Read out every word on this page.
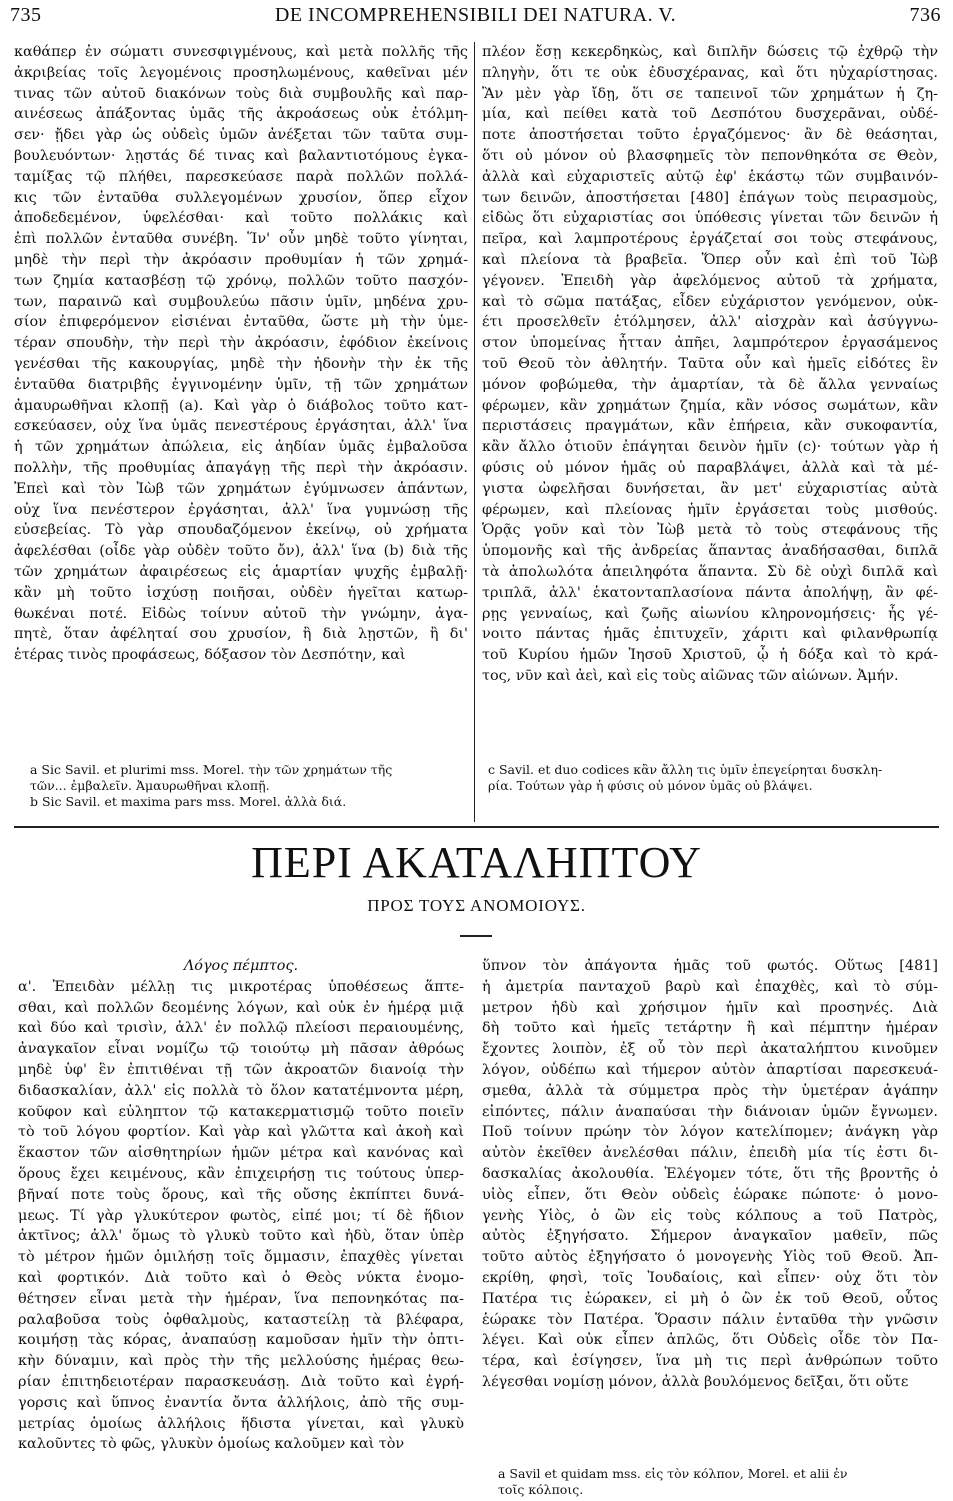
735	DE INCOMPREHENSIBILI DEI NATURA. V.	736
καθάπερ ἐν σώματι συνεσφιγμένους, καὶ μετὰ πολλῆς τῆς
ἀκριβείας τοῖς λεγομένοις προσηλωμένους, καθεῖναι μέν
τινας τῶν αὐτοῦ διακόνων τοὺς διὰ συμβουλῆς καὶ παρ-
αινέσεως ἀπάξοντας ὑμᾶς τῆς ἀκροάσεως οὐκ ἐτόλμη-
σεν· ᾔδει γὰρ ὡς οὐδεὶς ὑμῶν ἀνέξεται τῶν ταῦτα συμ-
βουλευόντων· λῃστάς δέ τινας καὶ βαλαντιοτόμους ἐγκα-
ταμίξας τῷ πλήθει, παρεσκεύασε παρὰ πολλῶν πολλά-
κις τῶν ἐνταῦθα συλλεγομένων χρυσίον, ὅπερ εἶχον
ἀποδεδεμένον, ὑφελέσθαι· καὶ τοῦτο πολλάκις καὶ
ἐπὶ πολλῶν ἐνταῦθα συνέβη. Ἵν' οὖν μηδὲ τοῦτο γίνηται,
μηδὲ τὴν περὶ τὴν ἀκρόασιν προθυμίαν ἡ τῶν χρημά-
των ζημία κατασβέσῃ τῷ χρόνῳ, πολλῶν τοῦτο πασχόν-
των, παραινῶ καὶ συμβουλεύω πᾶσιν ὑμῖν, μηδένα χρυ-
σίον ἐπιφερόμενον εἰσιέναι ἐνταῦθα, ὥστε μὴ τὴν ὑμε-
τέραν σπουδὴν, τὴν περὶ τὴν ἀκρόασιν, ἐφόδιον ἐκείνοις
γενέσθαι τῆς κακουργίας, μηδὲ τὴν ἡδονὴν τὴν ἐκ τῆς
ἐνταῦθα διατριβῆς ἐγγινομένην ὑμῖν, τῇ τῶν χρημάτων
ἀμαυρωθῆναι κλοπῇ (a). Καὶ γὰρ ὁ διάβολος τοῦτο κατ-
εσκεύασεν, οὐχ ἵνα ὑμᾶς πενεστέρους ἐργάσηται, ἀλλ' ἵνα
ἡ τῶν χρημάτων ἀπώλεια, εἰς ἀηδίαν ὑμᾶς ἐμβαλοῦσα
πολλὴν, τῆς προθυμίας ἀπαγάγῃ τῆς περὶ τὴν ἀκρόασιν.
Ἐπεὶ καὶ τὸν Ἰὼβ τῶν χρημάτων ἐγύμνωσεν ἁπάντων,
οὐχ ἵνα πενέστερον ἐργάσηται, ἀλλ' ἵνα γυμνώσῃ τῆς
εὐσεβείας. Τὸ γὰρ σπουδαζόμενον ἐκείνῳ, οὐ χρήματα
ἀφελέσθαι (οἶδε γὰρ οὐδὲν τοῦτο ὄν), ἀλλ' ἵνα (b) διὰ τῆς
τῶν χρημάτων ἀφαιρέσεως εἰς ἁμαρτίαν ψυχῆς ἐμβαλῇ·
κἂν μὴ τοῦτο ἰσχύσῃ ποιῆσαι, οὐδὲν ἡγεῖται κατωρ-
θωκέναι ποτέ. Εἰδὼς τοίνυν αὐτοῦ τὴν γνώμην, ἀγα-
πητὲ, ὅταν ἀφέληταί σου χρυσίον, ἢ διὰ λῃστῶν, ἢ δι'
ἑτέρας τινὸς προφάσεως, δόξασον τὸν Δεσπότην, καὶ
πλέον ἔσῃ κεκερδηκὼς, καὶ διπλῆν δώσεις τῷ ἐχθρῷ τὴν
πληγὴν, ὅτι τε οὐκ ἐδυσχέρανας, καὶ ὅτι ηὐχαρίστησας.
Ἂν μὲν γὰρ ἴδῃ, ὅτι σε ταπεινοῖ τῶν χρημάτων ἡ ζη-
μία, καὶ πείθει κατὰ τοῦ Δεσπότου δυσχερᾶναι, οὐδέ-
ποτε ἀποστήσεται τοῦτο ἐργαζόμενος· ἂν δὲ θεάσηται,
ὅτι οὐ μόνον οὐ βλασφημεῖς τὸν πεπονθηκότα σε Θεὸν,
ἀλλὰ καὶ εὐχαριστεῖς αὐτῷ ἐφ' ἑκάστῳ τῶν συμβαινόν-
των δεινῶν, ἀποστήσεται [480] ἐπάγων τοὺς πειρασμοὺς,
εἰδὼς ὅτι εὐχαριστίας σοι ὑπόθεσις γίνεται τῶν δεινῶν ἡ
πεῖρα, καὶ λαμπροτέρους ἐργάζεταί σοι τοὺς στεφάνους,
καὶ πλείονα τὰ βραβεῖα. Ὅπερ οὖν καὶ ἐπὶ τοῦ Ἰὼβ
γέγονεν. Ἐπειδὴ γὰρ ἀφελόμενος αὐτοῦ τὰ χρήματα,
καὶ τὸ σῶμα πατάξας, εἶδεν εὐχάριστον γενόμενον, οὐκ-
έτι προσελθεῖν ἐτόλμησεν, ἀλλ' αἰσχρὰν καὶ ἀσύγγνω-
στον ὑπομείνας ἧτταν ἀπῆει, λαμπρότερον ἐργασάμενος
τοῦ Θεοῦ τὸν ἀθλητήν. Ταῦτα οὖν καὶ ἡμεῖς εἰδότες ἓν
μόνον φοβώμεθα, τὴν ἁμαρτίαν, τὰ δὲ ἄλλα γενναίως
φέρωμεν, κἂν χρημάτων ζημία, κἂν νόσος σωμάτων, κἂν
περιστάσεις πραγμάτων, κἂν ἐπήρεια, κἂν συκοφαντία,
κἂν ἄλλο ὁτιοῦν ἐπάγηται δεινὸν ἡμῖν (c)· τούτων γὰρ ἡ
φύσις οὐ μόνον ἡμᾶς οὐ παραβλάψει, ἀλλὰ καὶ τὰ μέ-
γιστα ὠφελῆσαι δυνήσεται, ἂν μετ' εὐχαριστίας αὐτὰ
φέρωμεν, καὶ πλείονας ἡμῖν ἐργάσεται τοὺς μισθούς.
Ὁρᾷς γοῦν καὶ τὸν Ἰὼβ μετὰ τὸ τοὺς στεφάνους τῆς
ὑπομονῆς καὶ τῆς ἀνδρείας ἅπαντας ἀναδήσασθαι, διπλᾶ
τὰ ἀπολωλότα ἀπειληφότα ἅπαντα. Σὺ δὲ οὐχὶ διπλᾶ καὶ
τριπλᾶ, ἀλλ' ἑκατονταπλασίονα πάντα ἀπολήψῃ, ἂν φέ-
ρῃς γενναίως, καὶ ζωῆς αἰωνίου κληρονομήσεις· ἧς γέ-
νοιτο πάντας ἡμᾶς ἐπιτυχεῖν, χάριτι καὶ φιλανθρωπίᾳ
τοῦ Κυρίου ἡμῶν Ἰησοῦ Χριστοῦ, ᾧ ἡ δόξα καὶ τὸ κρά-
τος, νῦν καὶ ἀεὶ, καὶ εἰς τοὺς αἰῶνας τῶν αἰώνων. Ἀμήν.
a Sic Savil. et plurimi mss. Morel. τὴν τῶν χρημάτων τῆς
τῶν... ἐμβαλεῖν. Ἀμαυρωθῆναι κλοπῇ.
b Sic Savil. et maxima pars mss. Morel. ἀλλὰ διά.
c Savil. et duo codices κἂν ἄλλη τις ὑμῖν ἐπεγείρηται δυσκλη-
ρία. Τούτων γὰρ ἡ φύσις οὐ μόνον ὑμᾶς οὐ βλάψει.
ΠΕΡΙ ΑΚΑΤΑΛΗΠΤΟΥ
ΠΡΟΣ ΤΟΥΣ ΑΝΟΜΟΙΟΥΣ.
Λόγος πέμπτος.
α'. Ἐπειδὰν μέλλῃ τις μικροτέρας ὑποθέσεως ἅπτε-
σθαι, καὶ πολλῶν δεομένης λόγων, καὶ οὐκ ἐν ἡμέρᾳ μιᾷ
καὶ δύο καὶ τρισὶν, ἀλλ' ἐν πολλῷ πλείοσι περαιουμένης,
ἀναγκαῖον εἶναι νομίζω τῷ τοιούτῳ μὴ πᾶσαν ἀθρόως
μηδὲ ὑφ' ἓν ἐπιτιθέναι τῇ τῶν ἀκροατῶν διανοίᾳ τὴν
διδασκαλίαν, ἀλλ' εἰς πολλὰ τὸ ὅλον κατατέμνοντα μέρη,
κοῦφον καὶ εὐληπτον τῷ κατακερματισμῷ τοῦτο ποιεῖν
τὸ τοῦ λόγου φορτίον. Καὶ γὰρ καὶ γλῶττα καὶ ἀκοὴ καὶ
ἕκαστον τῶν αἰσθητηρίων ἡμῶν μέτρα καὶ κανόνας καὶ
ὅρους ἔχει κειμένους, κἂν ἐπιχειρήσῃ τις τούτους ὑπερ-
βῆναί ποτε τοὺς ὅρους, καὶ τῆς οὔσης ἐκπίπτει δυνά-
μεως. Τί γὰρ γλυκύτερον φωτὸς, εἰπέ μοι; τί δὲ ἥδιον
ἀκτῖνος; ἀλλ' ὅμως τὸ γλυκὺ τοῦτο καὶ ἡδὺ, ὅταν ὑπὲρ
τὸ μέτρον ἡμῶν ὁμιλήσῃ τοῖς ὄμμασιν, ἐπαχθὲς γίνεται
καὶ φορτικόν. Διὰ τοῦτο καὶ ὁ Θεὸς νύκτα ἐνομο-
θέτησεν εἶναι μετὰ τὴν ἡμέραν, ἵνα πεπονηκότας πα-
ραλαβοῦσα τοὺς ὀφθαλμοὺς, καταστείλῃ τὰ βλέφαρα,
κοιμήσῃ τὰς κόρας, ἀναπαύσῃ καμοῦσαν ἡμῖν τὴν ὀπτι-
κὴν δύναμιν, καὶ πρὸς τὴν τῆς μελλούσης ἡμέρας θεω-
ρίαν ἐπιτηδειοτέραν παρασκευάσῃ. Διὰ τοῦτο καὶ ἐγρή-
γορσις καὶ ὕπνος ἐναντία ὄντα ἀλλήλοις, ἀπὸ τῆς συμ-
μετρίας ὁμοίως ἀλλήλοις ἥδιστα γίνεται, καὶ γλυκὺ
καλοῦντες τὸ φῶς, γλυκὺν ὁμοίως καλοῦμεν καὶ τὸν
ὕπνον τὸν ἀπάγοντα ἡμᾶς τοῦ φωτός. Οὕτως [481]
ἡ ἀμετρία πανταχοῦ βαρὺ καὶ ἐπαχθὲς, καὶ τὸ σύμ-
μετρον ἡδὺ καὶ χρήσιμον ἡμῖν καὶ προσηνές. Διὰ
δὴ τοῦτο καὶ ἡμεῖς τετάρτην ἢ καὶ πέμπτην ἡμέραν
ἔχοντες λοιπὸν, ἐξ οὗ τὸν περὶ ἀκαταλήπτου κινοῦμεν
λόγον, οὐδέπω καὶ τήμερον αὐτὸν ἀπαρτίσαι παρεσκευά-
σμεθα, ἀλλὰ τὰ σύμμετρα πρὸς τὴν ὑμετέραν ἀγάπην
εἰπόντες, πάλιν ἀναπαύσαι τὴν διάνοιαν ὑμῶν ἔγνωμεν.
Ποῦ τοίνυν πρώην τὸν λόγον κατελίπομεν; ἀνάγκη γὰρ
αὐτὸν ἐκεῖθεν ἀνελέσθαι πάλιν, ἐπειδὴ μία τίς ἐστι δι-
δασκαλίας ἀκολουθία. Ἐλέγομεν τότε, ὅτι τῆς βροντῆς ὁ
υἱὸς εἶπεν, ὅτι Θεὸν οὐδεὶς ἑώρακε πώποτε· ὁ μονο-
γενὴς Υἱὸς, ὁ ὢν εἰς τοὺς κόλπους a τοῦ Πατρὸς,
αὐτὸς ἐξηγήσατο. Σήμερον ἀναγκαῖον μαθεῖν, πῶς
τοῦτο αὐτὸς ἐξηγήσατο ὁ μονογενὴς Υἱὸς τοῦ Θεοῦ. Ἀπ-
εκρίθη, φησὶ, τοῖς Ἰουδαίοις, καὶ εἶπεν· οὐχ ὅτι τὸν
Πατέρα τις ἑώρακεν, εἰ μὴ ὁ ὢν ἐκ τοῦ Θεοῦ, οὗτος
ἑώρακε τὸν Πατέρα. Ὅρασιν πάλιν ἐνταῦθα τὴν γνῶσιν
λέγει. Καὶ οὐκ εἶπεν ἁπλῶς, ὅτι Οὐδεὶς οἶδε τὸν Πα-
τέρα, καὶ ἐσίγησεν, ἵνα μὴ τις περὶ ἀνθρώπων τοῦτο
λέγεσθαι νομίσῃ μόνον, ἀλλὰ βουλόμενος δεῖξαι, ὅτι οὔτε
a Savil et quidam mss. εἰς τὸν κόλπον, Morel. et alii ἐν
τοῖς κόλποις.
